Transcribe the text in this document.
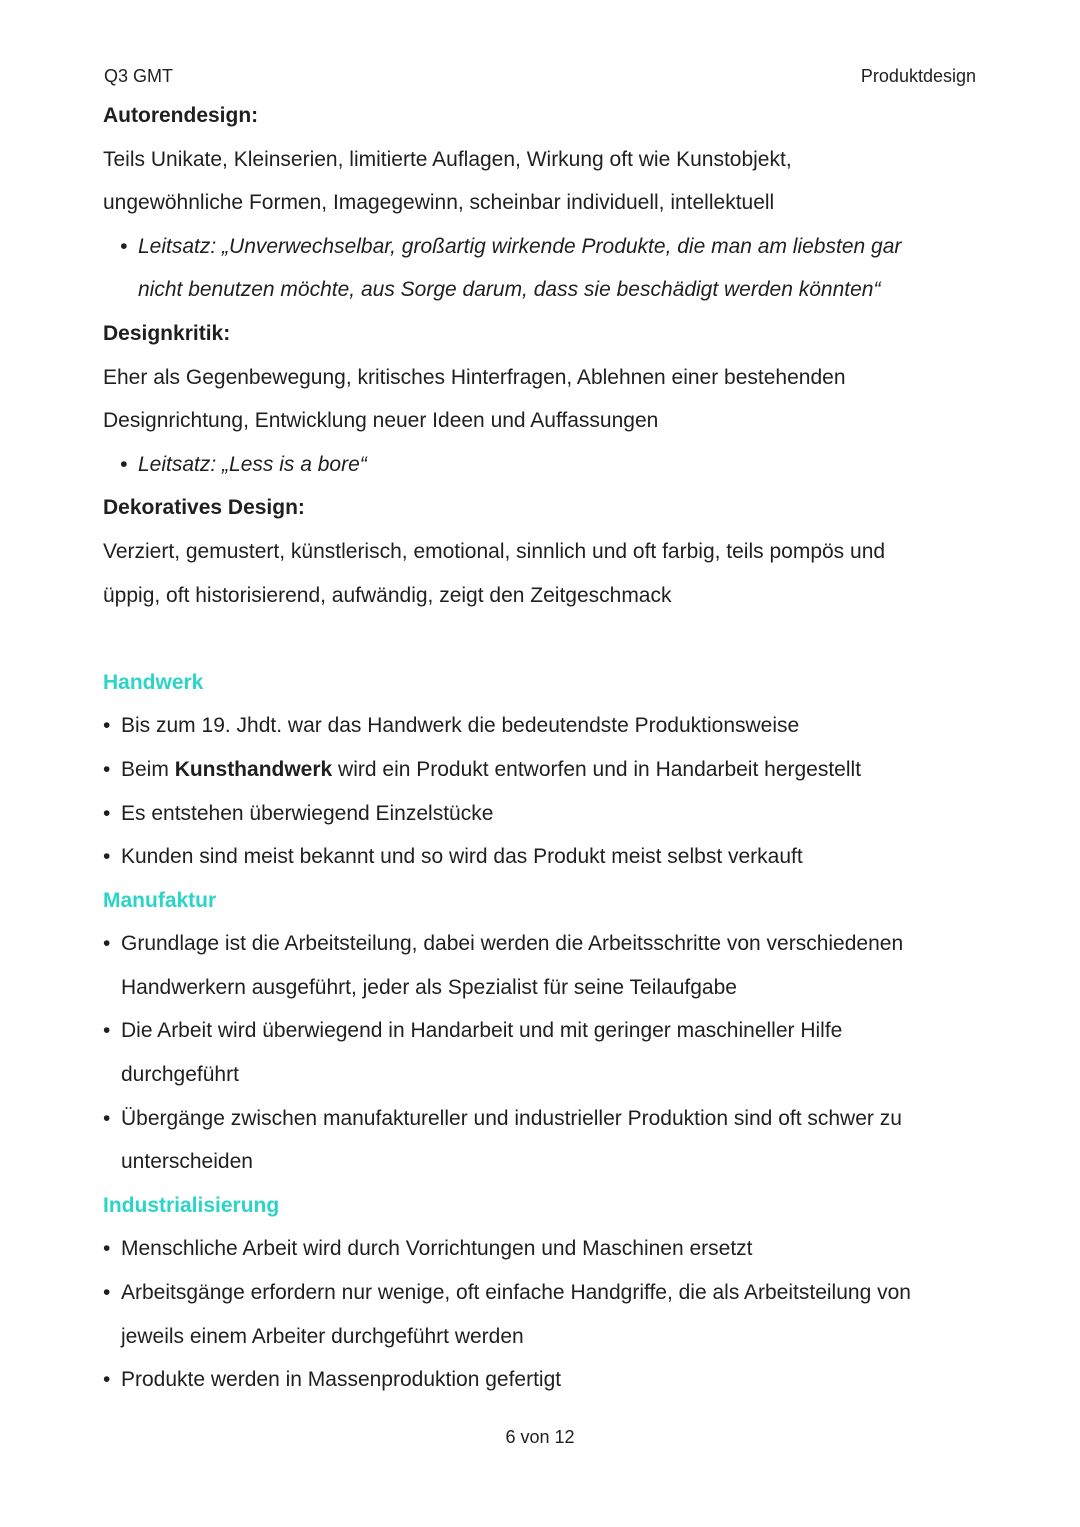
Q3 GMT	Produktdesign
Autorendesign:
Teils Unikate, Kleinserien, limitierte Auflagen, Wirkung oft wie Kunstobjekt,
ungewöhnliche Formen, Imagegewinn, scheinbar individuell, intellektuell
• Leitsatz: „Unverwechselbar, großartig wirkende Produkte, die man am liebsten gar
nicht benutzen möchte, aus Sorge darum, dass sie beschädigt werden könnten“
Designkritik:
Eher als Gegenbewegung, kritisches Hinterfragen, Ablehnen einer bestehenden
Designrichtung, Entwicklung neuer Ideen und Auffassungen
• Leitsatz: „Less is a bore“
Dekoratives Design:
Verziert, gemustert, künstlerisch, emotional, sinnlich und oft farbig, teils pompös und
üppig, oft historisierend, aufwändig, zeigt den Zeitgeschmack
Handwerk
• Bis zum 19. Jhdt. war das Handwerk die bedeutendste Produktionsweise
• Beim Kunsthandwerk wird ein Produkt entworfen und in Handarbeit hergestellt
• Es entstehen überwiegend Einzelstücke
• Kunden sind meist bekannt und so wird das Produkt meist selbst verkauft
Manufaktur
• Grundlage ist die Arbeitsteilung, dabei werden die Arbeitsschritte von verschiedenen
Handwerkern ausgeführt, jeder als Spezialist für seine Teilaufgabe
• Die Arbeit wird überwiegend in Handarbeit und mit geringer maschineller Hilfe
durchgeführt
• Übergänge zwischen manufaktureller und industrieller Produktion sind oft schwer zu
unterscheiden
Industrialisierung
• Menschliche Arbeit wird durch Vorrichtungen und Maschinen ersetzt
• Arbeitsgänge erfordern nur wenige, oft einfache Handgriffe, die als Arbeitsteilung von
jeweils einem Arbeiter durchgeführt werden
• Produkte werden in Massenproduktion gefertigt
6 von 12
